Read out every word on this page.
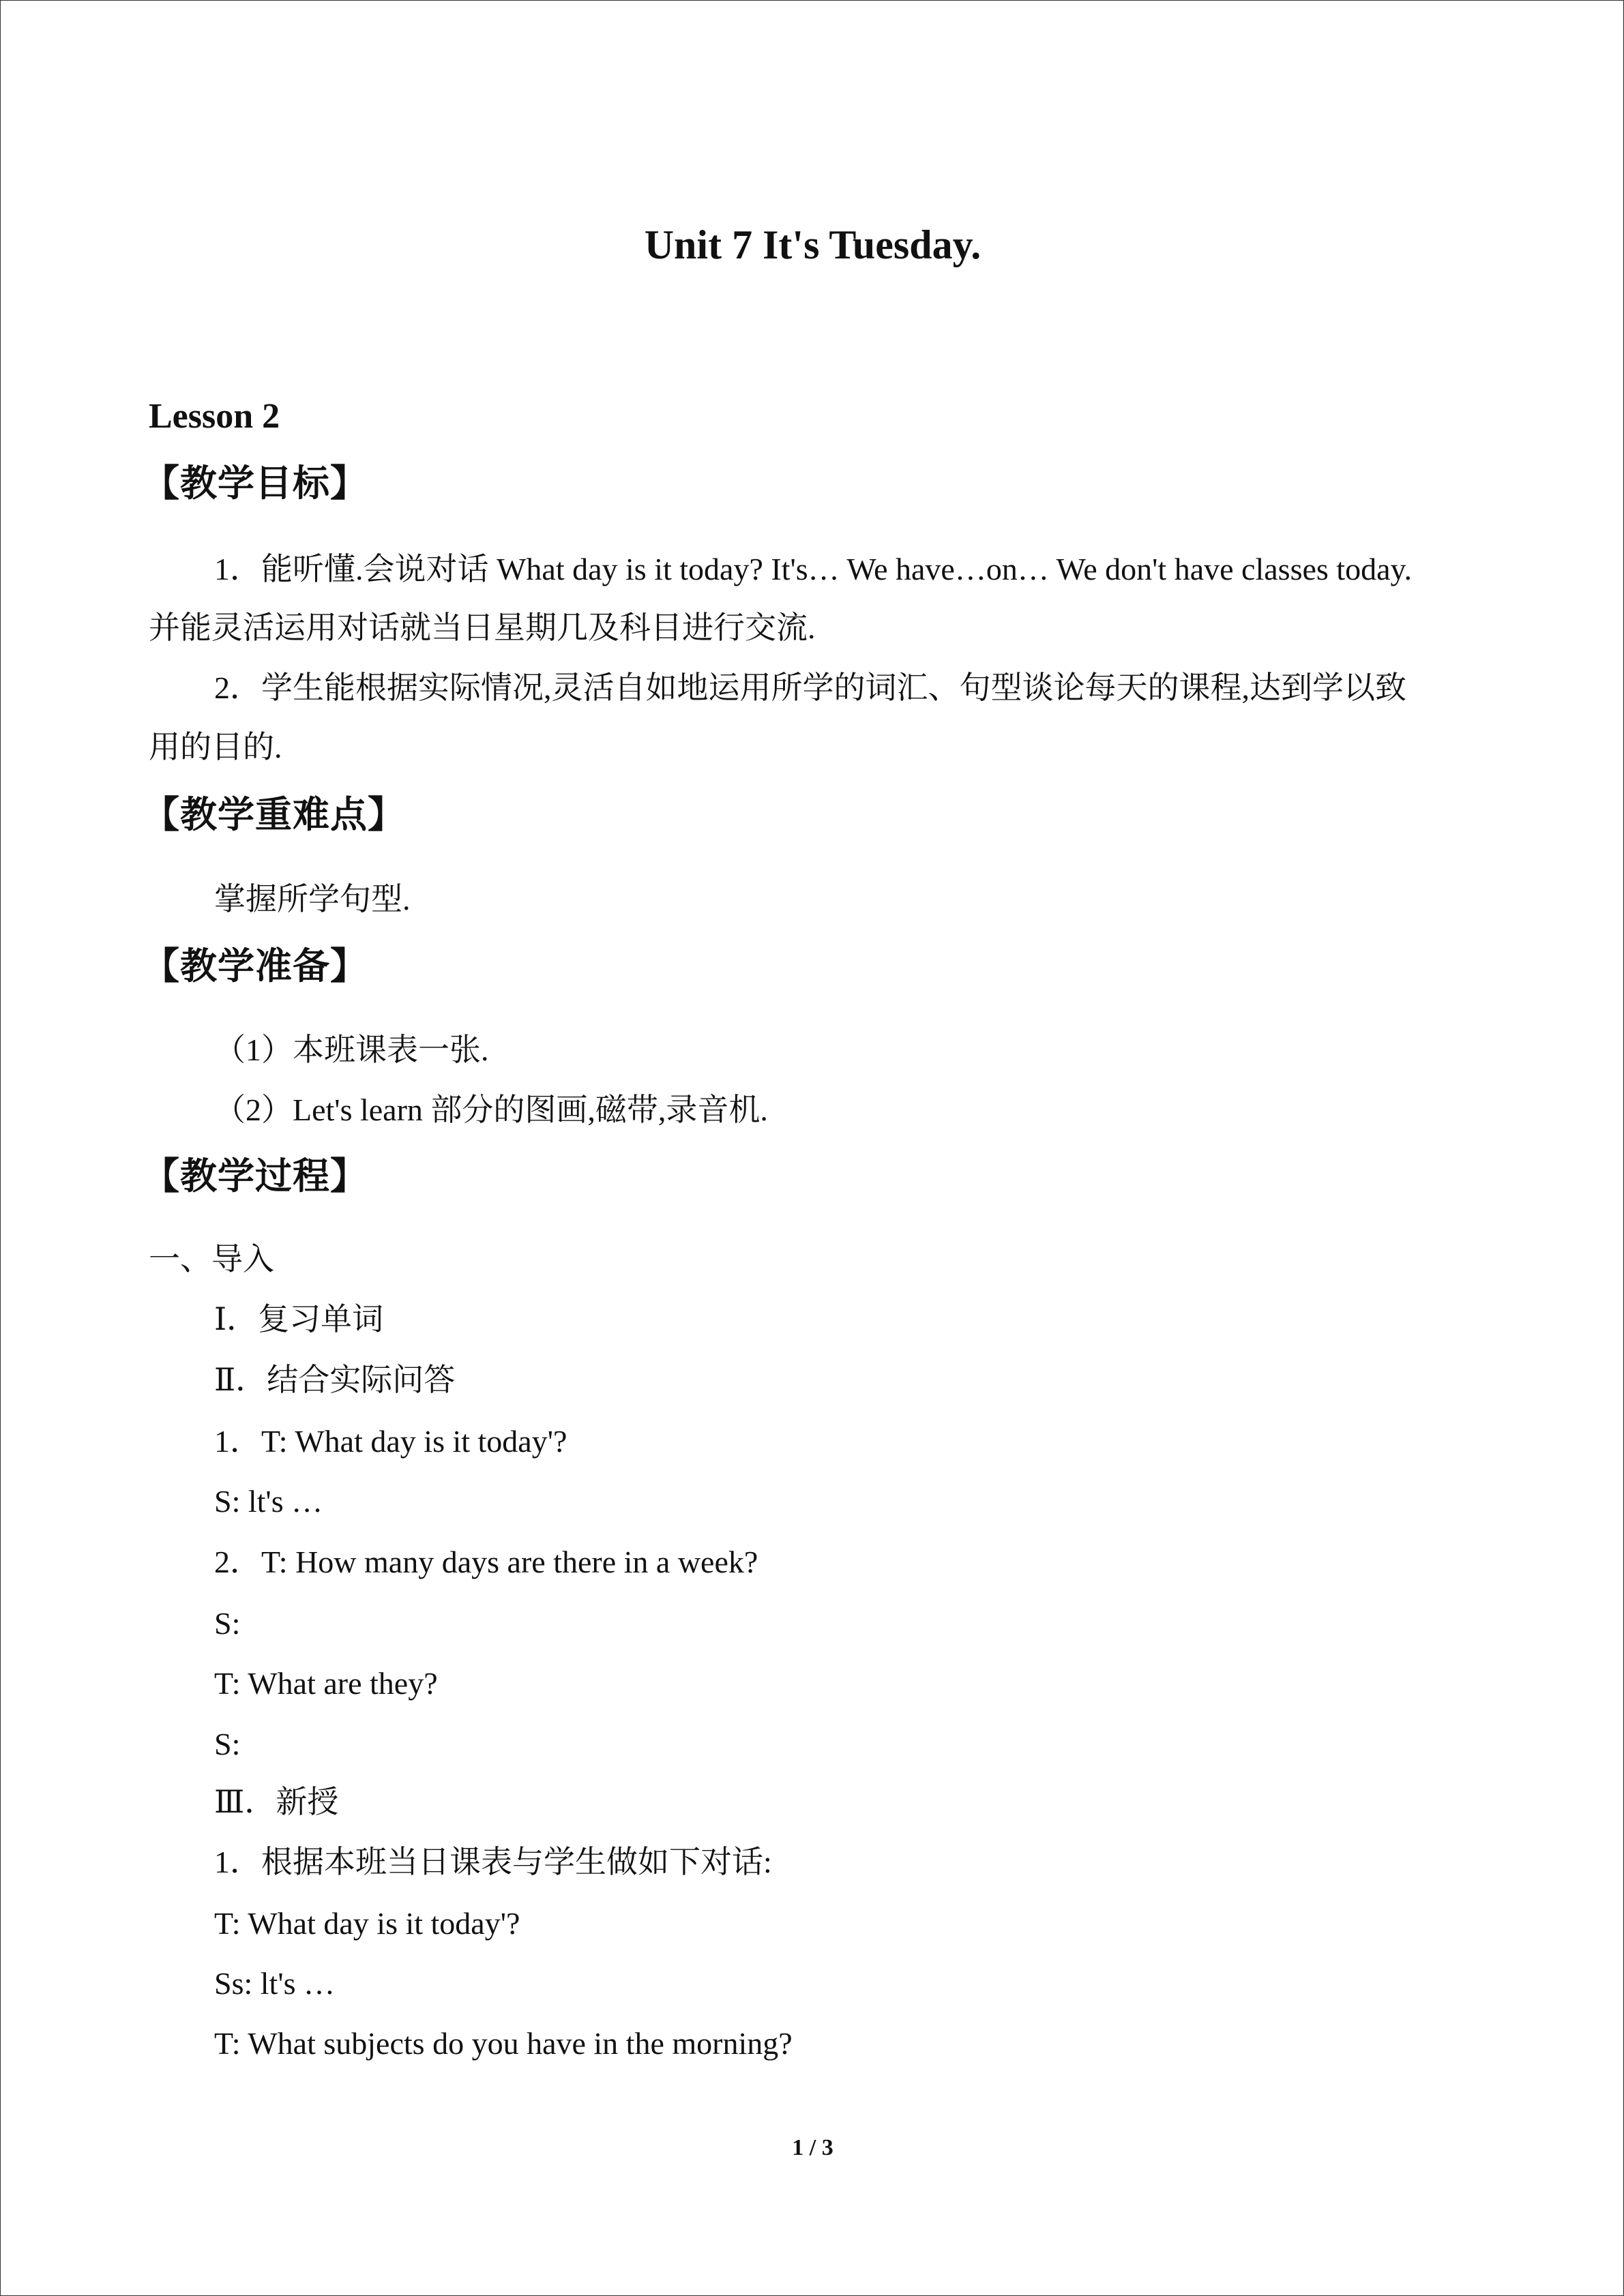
Unit 7 It's Tuesday.
Lesson 2
【教学目标】
1．能听懂.会说对话 What day is it today? It's… We have…on… We don't have classes today.
并能灵活运用对话就当日星期几及科目进行交流.
2．学生能根据实际情况,灵活自如地运用所学的词汇、句型谈论每天的课程,达到学以致
用的目的.
【教学重难点】
掌握所学句型.
【教学准备】
（1）本班课表一张.
（2）Let's learn 部分的图画,磁带,录音机.
【教学过程】
一、导入
Ⅰ．复习单词
Ⅱ．结合实际问答
1．T: What day is it today'?
S: lt's …
2．T: How many days are there in a week?
S:
T: What are they?
S:
Ⅲ．新授
1．根据本班当日课表与学生做如下对话:
T: What day is it today'?
Ss: lt's …
T: What subjects do you have in the morning?
1 / 3
